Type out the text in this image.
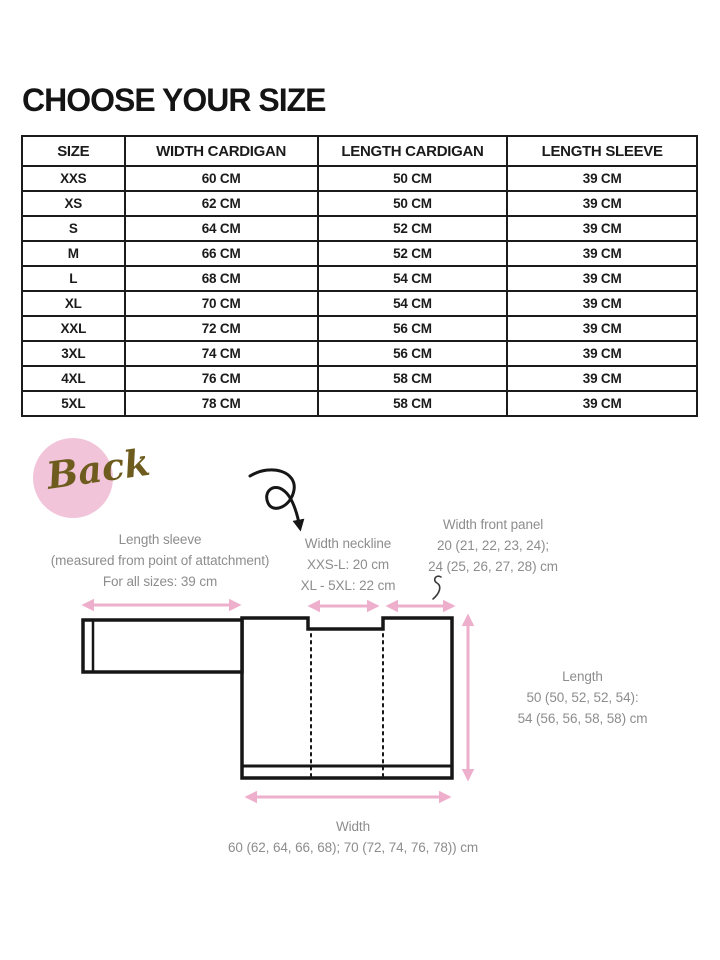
CHOOSE YOUR SIZE
SIZE	WIDTH CARDIGAN	LENGTH CARDIGAN	LENGTH SLEEVE
XXS	60 CM	50 CM	39 CM
XS	62 CM	50 CM	39 CM
S	64 CM	52 CM	39 CM
M	66 CM	52 CM	39 CM
L	68 CM	54 CM	39 CM
XL	70 CM	54 CM	39 CM
XXL	72 CM	56 CM	39 CM
3XL	74 CM	56 CM	39 CM
4XL	76 CM	58 CM	39 CM
5XL	78 CM	58 CM	39 CM
Back
Length sleeve
(measured from point of attatchment)
For all sizes: 39 cm
Width neckline
XXS-L: 20 cm
XL - 5XL: 22 cm
Width front panel
20 (21, 22, 23, 24);
24 (25, 26, 27, 28) cm
Length
50 (50, 52, 52, 54):
54 (56, 56, 58, 58) cm
Width
60 (62, 64, 66, 68); 70 (72, 74, 76, 78)) cm
